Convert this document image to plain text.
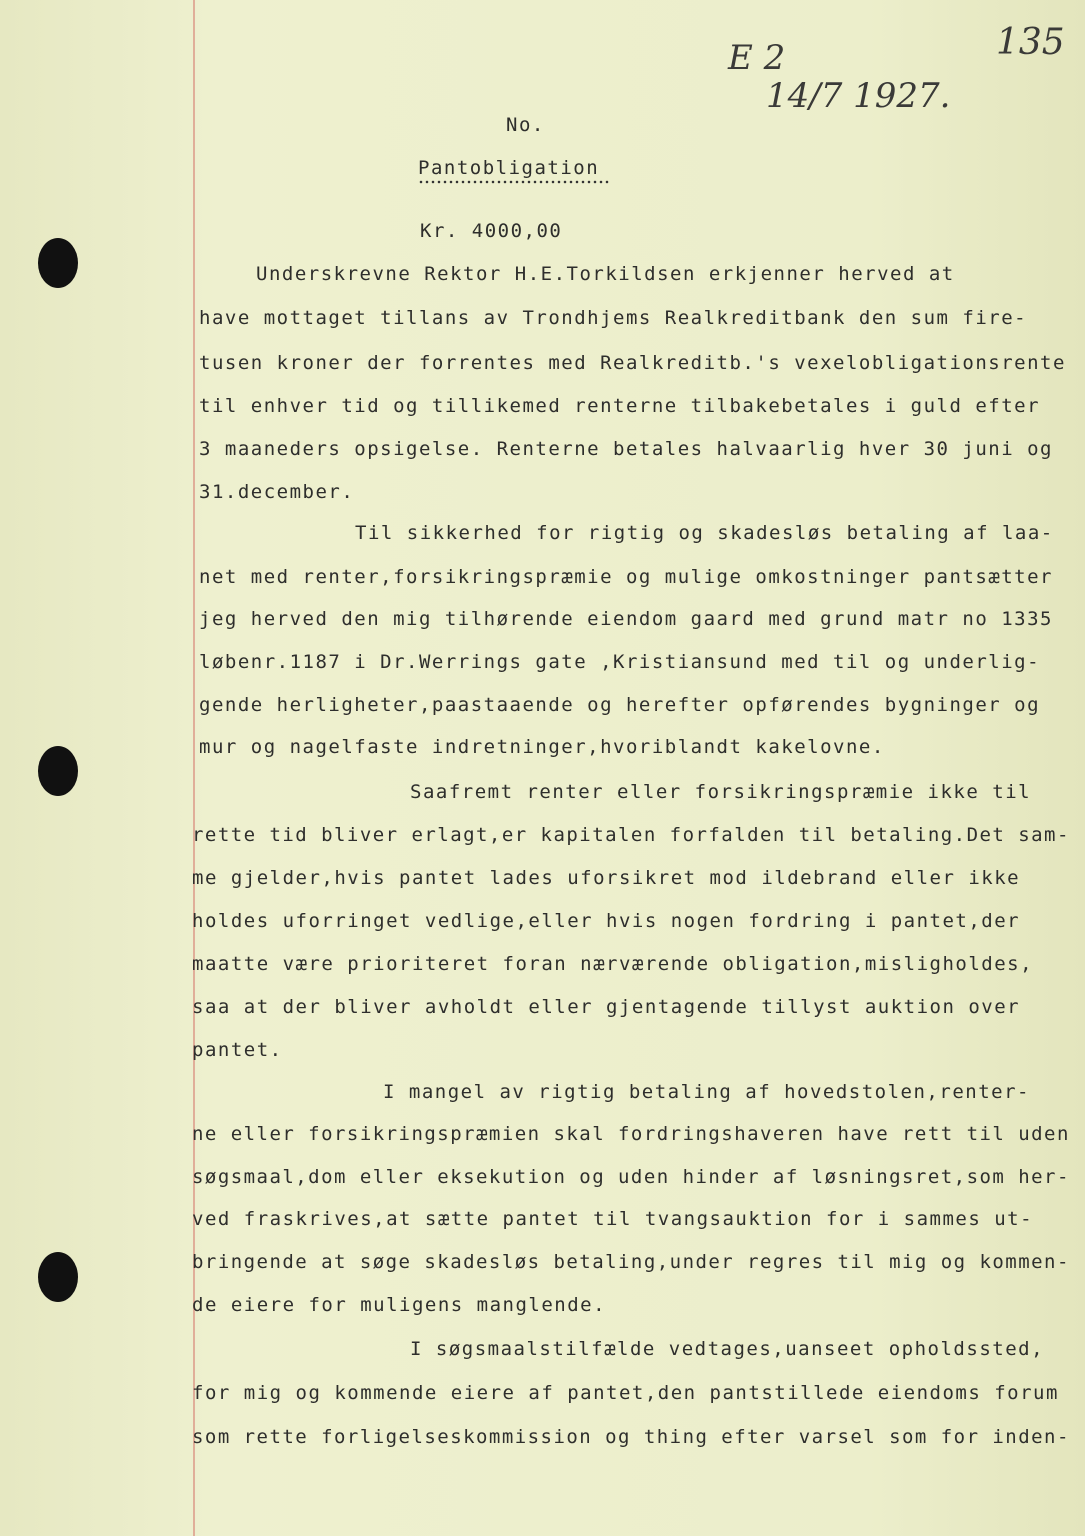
135
E 2
14/7 1927.
No.
Pantobligation
Kr. 4000,00
Underskrevne Rektor H.E.Torkildsen erkjenner herved at
have mottaget tillans av Trondhjems Realkreditbank den sum fire-
tusen kroner der forrentes med Realkreditb.'s vexelobligationsrente
til enhver tid og tillikemed renterne tilbakebetales i guld efter
3 maaneders opsigelse. Renterne betales halvaarlig hver 30 juni og
31.december.
Til sikkerhed for rigtig og skadesløs betaling af laa-
net med renter,forsikringspræmie og mulige omkostninger pantsætter
jeg herved den mig tilhørende eiendom gaard med grund matr no 1335
løbenr.1187 i Dr.Werrings gate ,Kristiansund med til og underlig-
gende herligheter,paastaaende og herefter opførendes bygninger og
mur og nagelfaste indretninger,hvoriblandt kakelovne.
Saafremt renter eller forsikringspræmie ikke til
rette tid bliver erlagt,er kapitalen forfalden til betaling.Det sam-
me gjelder,hvis pantet lades uforsikret mod ildebrand eller ikke
holdes uforringet vedlige,eller hvis nogen fordring i pantet,der
maatte være prioriteret foran nærværende obligation,misligholdes,
saa at der bliver avholdt eller gjentagende tillyst auktion over
pantet.
I mangel av rigtig betaling af hovedstolen,renter-
ne eller forsikringspræmien skal fordringshaveren have rett til uden
søgsmaal,dom eller eksekution og uden hinder af løsningsret,som her-
ved fraskrives,at sætte pantet til tvangsauktion for i sammes ut-
bringende at søge skadesløs betaling,under regres til mig og kommen-
de eiere for muligens manglende.
I søgsmaalstilfælde vedtages,uanseet opholdssted,
for mig og kommende eiere af pantet,den pantstillede eiendoms forum
som rette forligelseskommission og thing efter varsel som for inden-
